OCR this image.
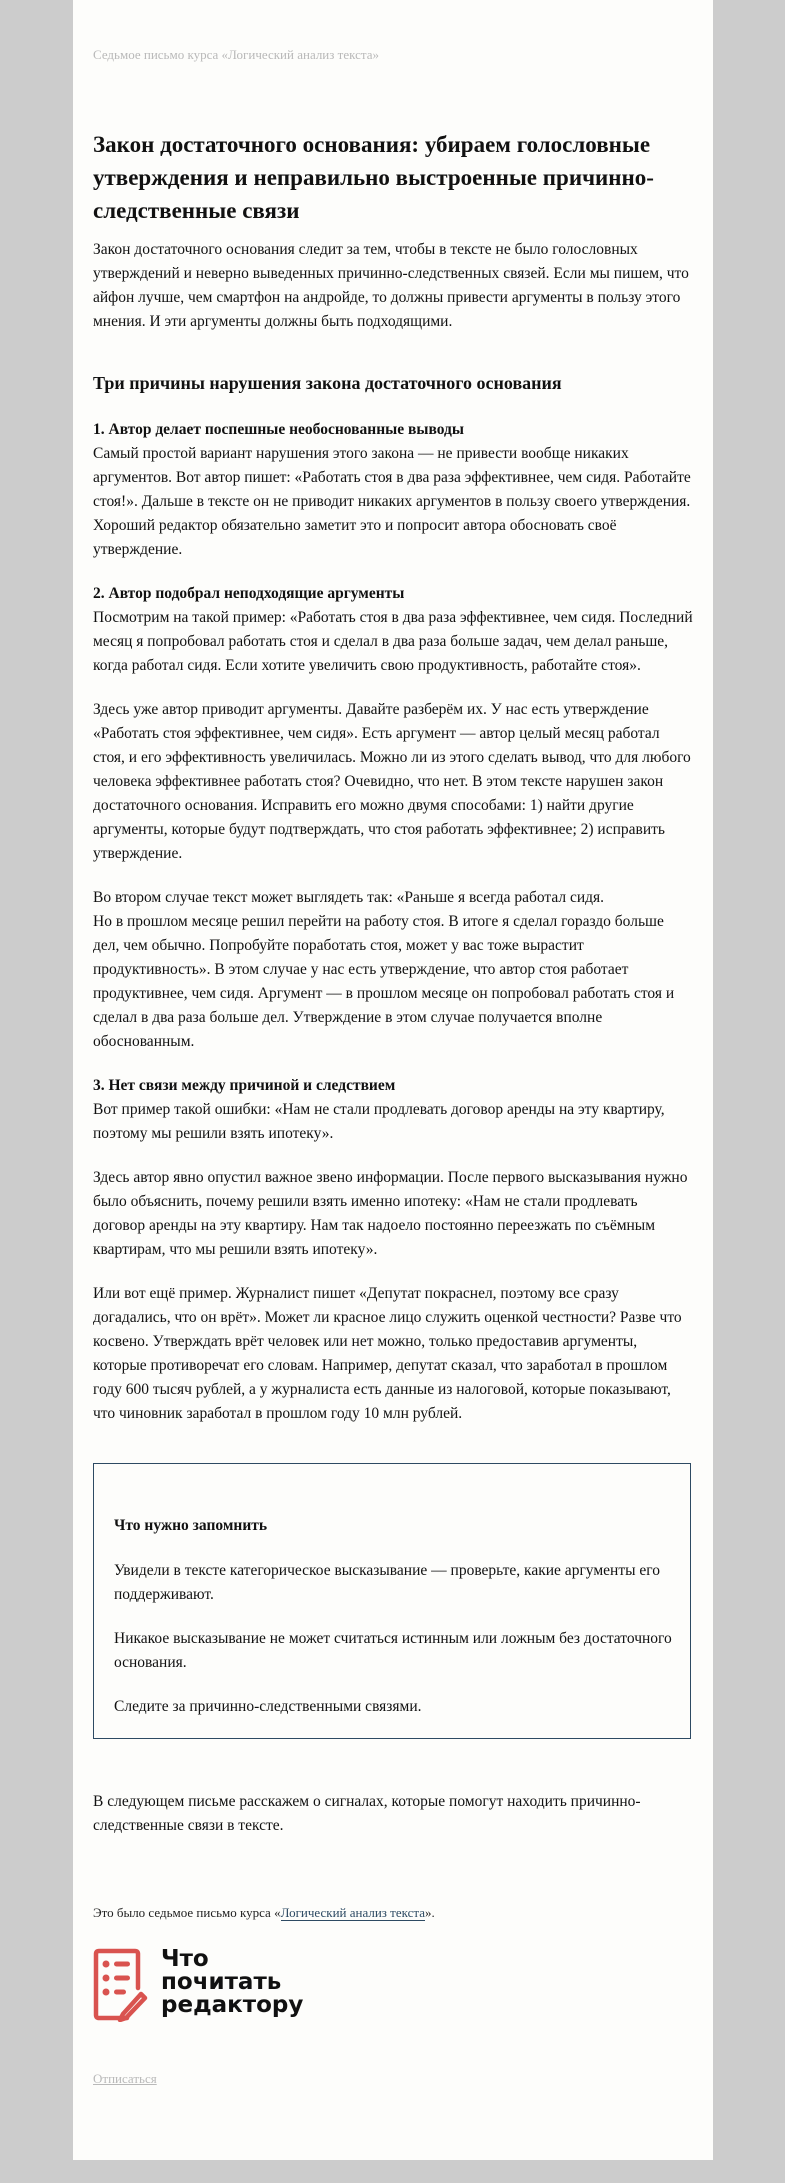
Седьмое письмо курса «Логический анализ текста»
Закон достаточного основания: убираем голословные утверждения и неправильно выстроенные причинно-следственные связи

Закон достаточного основания следит за тем, чтобы в тексте не было голословных утверждений и неверно выведенных причинно-следственных связей. Если мы пишем, что айфон лучше, чем смартфон на андройде, то должны привести аргументы в пользу этого мнения. И эти аргументы должны быть подходящими.

Три причины нарушения закона достаточного основания
1. Автор делает поспешные необоснованные выводы

Самый простой вариант нарушения этого закона — не привести вообще никаких аргументов. Вот автор пишет: «Работать стоя в два раза эффективнее, чем сидя. Работайте стоя!». Дальше в тексте он не приводит никаких аргументов в пользу своего утверждения. Хороший редактор обязательно заметит это и попросит автора обосновать своё утверждение.

2. Автор подобрал неподходящие аргументы

Посмотрим на такой пример: «Работать стоя в два раза эффективнее, чем сидя. Последний месяц я попробовал работать стоя и сделал в два раза больше задач, чем делал раньше, когда работал сидя. Если хотите увеличить свою продуктивность, работайте стоя».

Здесь уже автор приводит аргументы. Давайте разберём их. У нас есть утверждение «Работать стоя эффективнее, чем сидя». Есть аргумент — автор целый месяц работал стоя, и его эффективность увеличилась. Можно ли из этого сделать вывод, что для любого человека эффективнее работать стоя? Очевидно, что нет. В этом тексте нарушен закон достаточного основания. Исправить его можно двумя способами: 1) найти другие аргументы, которые будут подтверждать, что стоя работать эффективнее; 2) исправить утверждение.

Во втором случае текст может выглядеть так: «Раньше я всегда работал сидя.
Но в прошлом месяце решил перейти на работу стоя. В итоге я сделал гораздо больше дел, чем обычно. Попробуйте поработать стоя, может у вас тоже вырастит продуктивность». В этом случае у нас есть утверждение, что автор стоя работает продуктивнее, чем сидя. Аргумент — в прошлом месяце он попробовал работать стоя и сделал в два раза больше дел. Утверждение в этом случае получается вполне обоснованным.

3. Нет связи между причиной и следствием

Вот пример такой ошибки: «Нам не стали продлевать договор аренды на эту квартиру, поэтому мы решили взять ипотеку».

Здесь автор явно опустил важное звено информации. После первого высказывания нужно было объяснить, почему решили взять именно ипотеку: «Нам не стали продлевать договор аренды на эту квартиру. Нам так надоело постоянно переезжать по съёмным квартирам, что мы решили взять ипотеку».

Или вот ещё пример. Журналист пишет «Депутат покраснел, поэтому все сразу догадались, что он врёт». Может ли красное лицо служить оценкой честности? Разве что косвено. Утверждать врёт человек или нет можно, только предоставив аргументы, которые противоречат его словам. Например, депутат сказал, что заработал в прошлом году 600 тысяч рублей, а у журналиста есть данные из налоговой, которые показывают, что чиновник заработал в прошлом году 10 млн рублей.

Что нужно запомнить

Увидели в тексте категорическое высказывание — проверьте, какие аргументы его поддерживают.

Никакое высказывание не может считаться истинным или ложным без достаточного основания.

Следите за причинно-следственными связями.

В следующем письме расскажем о сигналах, которые помогут находить причинно-следственные связи в тексте.

Это было седьмое письмо курса «Логический анализ текста».
Что
почитать
редактору
Отписаться
